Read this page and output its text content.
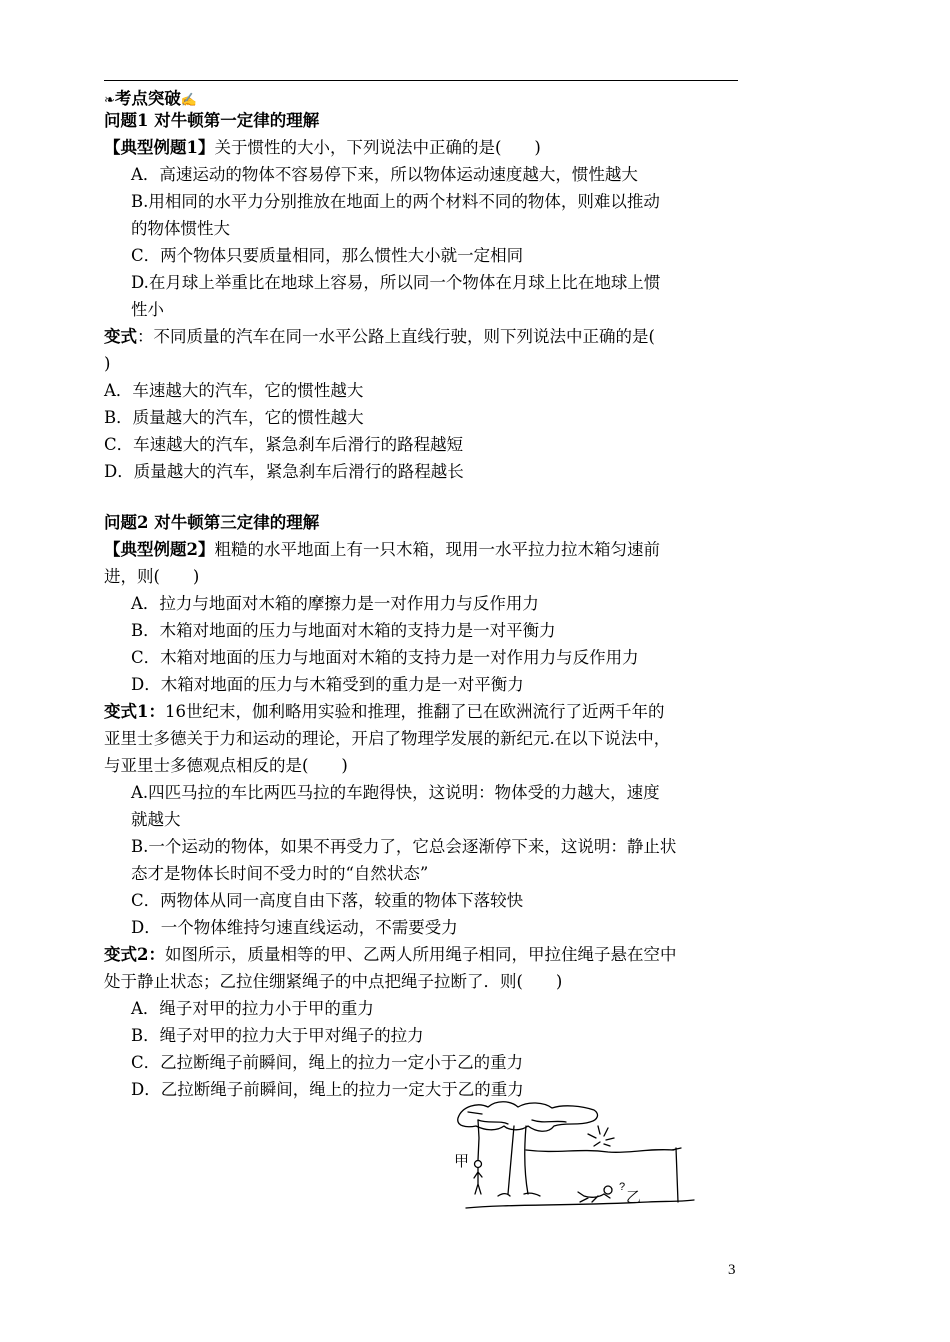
❧考点突破✍
问题1 对牛顿第一定律的理解
【典型例题1】关于惯性的大小，下列说法中正确的是(　　)
A．高速运动的物体不容易停下来，所以物体运动速度越大，惯性越大
B.用相同的水平力分别推放在地面上的两个材料不同的物体，则难以推动
的物体惯性大
C．两个物体只要质量相同，那么惯性大小就一定相同
D.在月球上举重比在地球上容易，所以同一个物体在月球上比在地球上惯
性小
变式：不同质量的汽车在同一水平公路上直线行驶，则下列说法中正确的是(
)
A．车速越大的汽车，它的惯性越大
B．质量越大的汽车，它的惯性越大
C．车速越大的汽车，紧急刹车后滑行的路程越短
D．质量越大的汽车，紧急刹车后滑行的路程越长
问题2 对牛顿第三定律的理解
【典型例题2】粗糙的水平地面上有一只木箱，现用一水平拉力拉木箱匀速前
进，则(　　)
A．拉力与地面对木箱的摩擦力是一对作用力与反作用力
B．木箱对地面的压力与地面对木箱的支持力是一对平衡力
C．木箱对地面的压力与地面对木箱的支持力是一对作用力与反作用力
D．木箱对地面的压力与木箱受到的重力是一对平衡力
变式1：16世纪末，伽利略用实验和推理，推翻了已在欧洲流行了近两千年的
亚里士多德关于力和运动的理论，开启了物理学发展的新纪元.在以下说法中，
与亚里士多德观点相反的是(　　)
A.四匹马拉的车比两匹马拉的车跑得快，这说明：物体受的力越大，速度
就越大
B.一个运动的物体，如果不再受力了，它总会逐渐停下来，这说明：静止状
态才是物体长时间不受力时的“自然状态”
C．两物体从同一高度自由下落，较重的物体下落较快
D．一个物体维持匀速直线运动，不需要受力
变式2：如图所示，质量相等的甲、乙两人所用绳子相同，甲拉住绳子悬在空中
处于静止状态；乙拉住绷紧绳子的中点把绳子拉断了．则(　　)
A．绳子对甲的拉力小于甲的重力
B．绳子对甲的拉力大于甲对绳子的拉力
C．乙拉断绳子前瞬间，绳上的拉力一定小于乙的重力
D．乙拉断绳子前瞬间，绳上的拉力一定大于乙的重力
甲
?
乙
3
